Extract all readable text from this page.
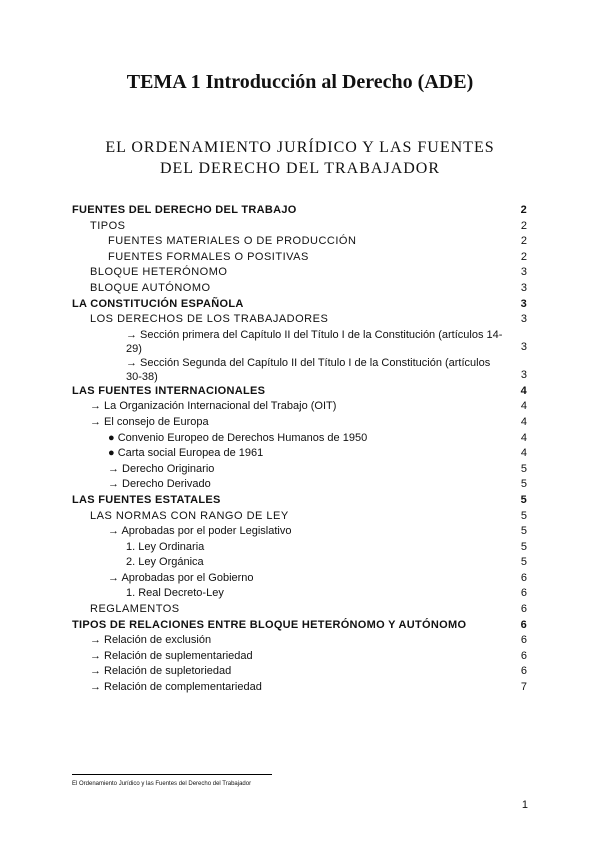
TEMA 1 Introducción al Derecho (ADE)
EL ORDENAMIENTO JURÍDICO Y LAS FUENTES
DEL DERECHO DEL TRABAJADOR
FUENTES DEL DERECHO DEL TRABAJO	2
TIPOS	2
FUENTES MATERIALES O DE PRODUCCIÓN	2
FUENTES FORMALES O POSITIVAS	2
BLOQUE HETERÓNOMO	3
BLOQUE AUTÓNOMO	3
LA CONSTITUCIÓN ESPAÑOLA	3
LOS DERECHOS DE LOS TRABAJADORES	3
→ Sección primera del Capítulo II del Título I de la Constitución (artículos 14-29)	3
→ Sección Segunda del Capítulo II del Título I de la Constitución (artículos 30-38)	3
LAS FUENTES INTERNACIONALES	4
→ La Organización Internacional del Trabajo (OIT)	4
→ El consejo de Europa	4
● Convenio Europeo de Derechos Humanos de 1950	4
● Carta social Europea de 1961	4
→ Derecho Originario	5
→ Derecho Derivado	5
LAS FUENTES ESTATALES	5
LAS NORMAS CON RANGO DE LEY	5
→ Aprobadas por el poder Legislativo	5
1. Ley Ordinaria	5
2. Ley Orgánica	5
→ Aprobadas por el Gobierno	6
1. Real Decreto-Ley	6
REGLAMENTOS	6
TIPOS DE RELACIONES ENTRE BLOQUE HETERÓNOMO Y AUTÓNOMO	6
→ Relación de exclusión	6
→ Relación de suplementariedad	6
→ Relación de supletoriedad	6
→ Relación de complementariedad	7
El Ordenamiento Jurídico y las Fuentes del Derecho del Trabajador
1
